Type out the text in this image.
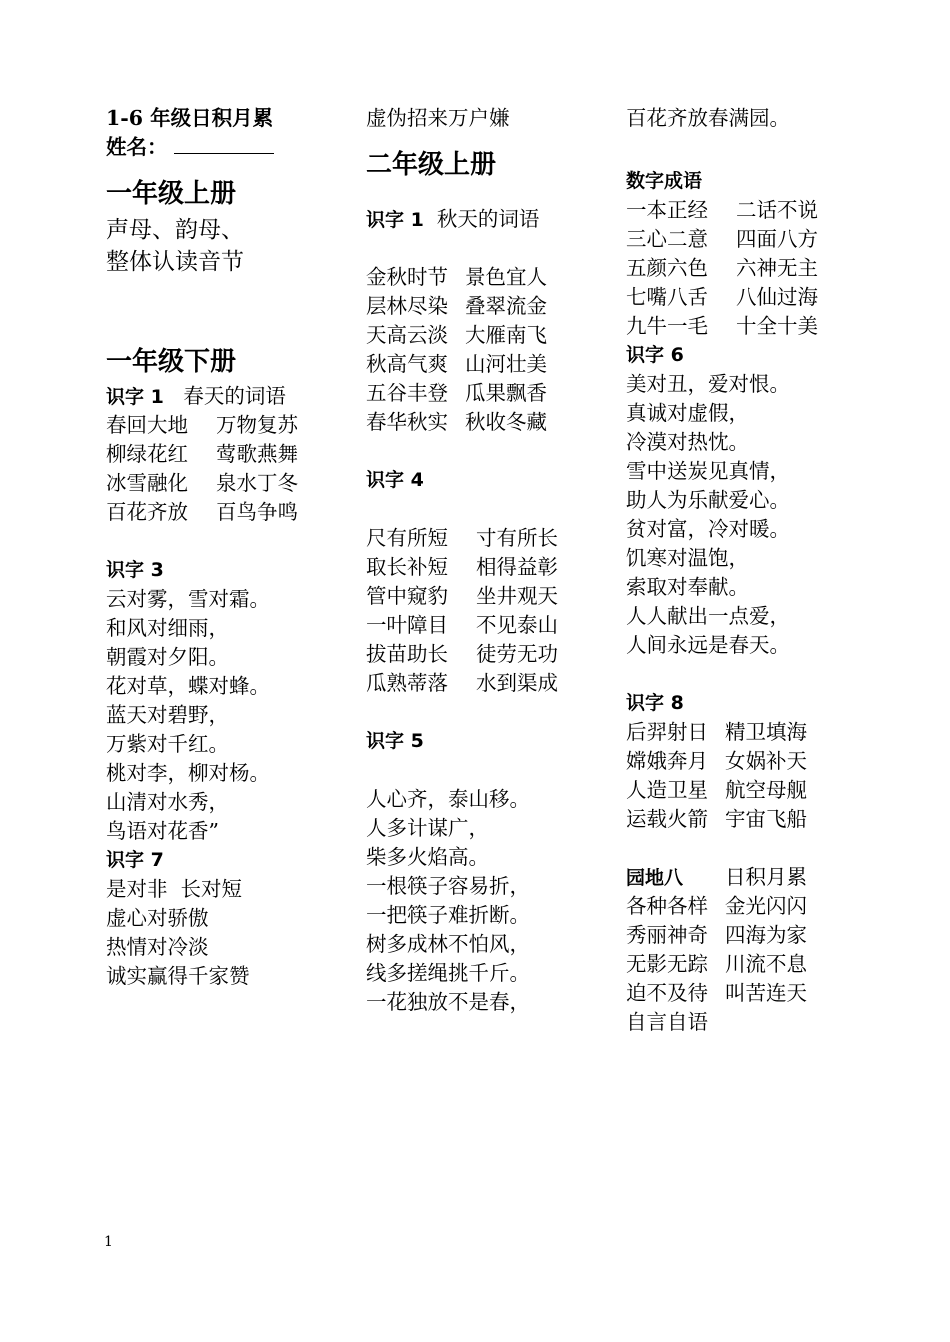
1-6 年级日积月累
姓名：
一年级上册
声母、韵母、
整体认读音节
一年级下册
识字 1 春天的词语
春回大地 万物复苏
柳绿花红 莺歌燕舞
冰雪融化 泉水丁冬
百花齐放 百鸟争鸣
识字 3
云对雾，雪对霜。
和风对细雨，
朝霞对夕阳。
花对草，蝶对蜂。
蓝天对碧野，
万紫对千红。
桃对李，柳对杨。
山清对水秀，
鸟语对花香”
识字 7
是对非  长对短
虚心对骄傲
热情对冷淡
诚实赢得千家赞
虚伪招来万户嫌
二年级上册
识字 1 秋天的词语
金秋时节 景色宜人
层林尽染 叠翠流金
天高云淡 大雁南飞
秋高气爽 山河壮美
五谷丰登 瓜果飘香
春华秋实 秋收冬藏
识字 4
尺有所短 寸有所长
取长补短 相得益彰
管中窥豹 坐井观天
一叶障目 不见泰山
拔苗助长 徒劳无功
瓜熟蒂落 水到渠成
识字 5
人心齐，泰山移。
人多计谋广，
柴多火焰高。
一根筷子容易折，
一把筷子难折断。
树多成林不怕风，
线多搓绳挑千斤。
一花独放不是春，
百花齐放春满园。
数字成语
一本正经 二话不说
三心二意 四面八方
五颜六色 六神无主
七嘴八舌 八仙过海
九牛一毛 十全十美
识字 6
美对丑，爱对恨。
真诚对虚假，
冷漠对热忱。
雪中送炭见真情，
助人为乐献爱心。
贫对富，冷对暖。
饥寒对温饱，
索取对奉献。
人人献出一点爱，
人间永远是春天。
识字 8
后羿射日 精卫填海
嫦娥奔月 女娲补天
人造卫星 航空母舰
运载火箭 宇宙飞船
园地八 日积月累
各种各样 金光闪闪
秀丽神奇 四海为家
无影无踪 川流不息
迫不及待 叫苦连天
自言自语
1
